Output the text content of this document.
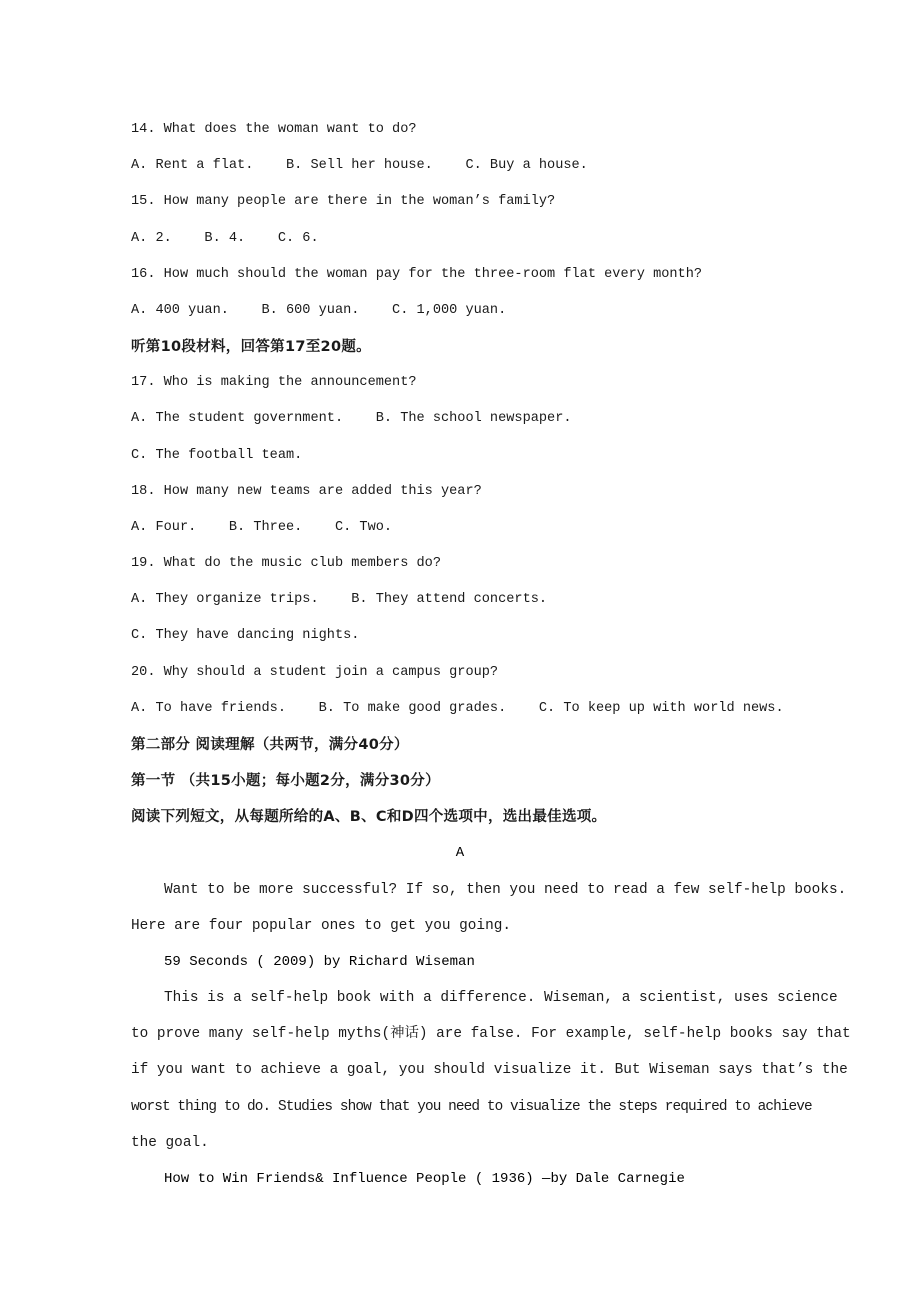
14. What does the woman want to do?
A. Rent a flat.    B. Sell her house.    C. Buy a house.
15. How many people are there in the woman’s family?
A. 2.    B. 4.    C. 6.
16. How much should the woman pay for the three-room flat every month?
A. 400 yuan.    B. 600 yuan.    C. 1,000 yuan.
听第10段材料，回答第17至20题。
17. Who is making the announcement?
A. The student government.    B. The school newspaper.
C. The football team.
18. How many new teams are added this year?
A. Four.    B. Three.    C. Two.
19. What do the music club members do?
A. They organize trips.    B. They attend concerts.
C. They have dancing nights.
20. Why should a student join a campus group?
A. To have friends.    B. To make good grades.    C. To keep up with world news.
第二部分 阅读理解（共两节，满分40分）
第一节 （共15小题；每小题2分，满分30分）
阅读下列短文，从每题所给的A、B、C和D四个选项中，选出最佳选项。
A
Want to be more successful? If so, then you need to read a few self-help books.
Here are four popular ones to get you going.
59 Seconds ( 2009) by Richard Wiseman
This is a self-help book with a difference. Wiseman, a scientist, uses science
to prove many self-help myths(神话) are false. For example, self-help books say that
if you want to achieve a goal, you should visualize it. But Wiseman says that’s the
worst thing to do. Studies show that you need to visualize the steps required to achieve
the goal.
How to Win Friends& Influence People ( 1936) —by Dale Carnegie
